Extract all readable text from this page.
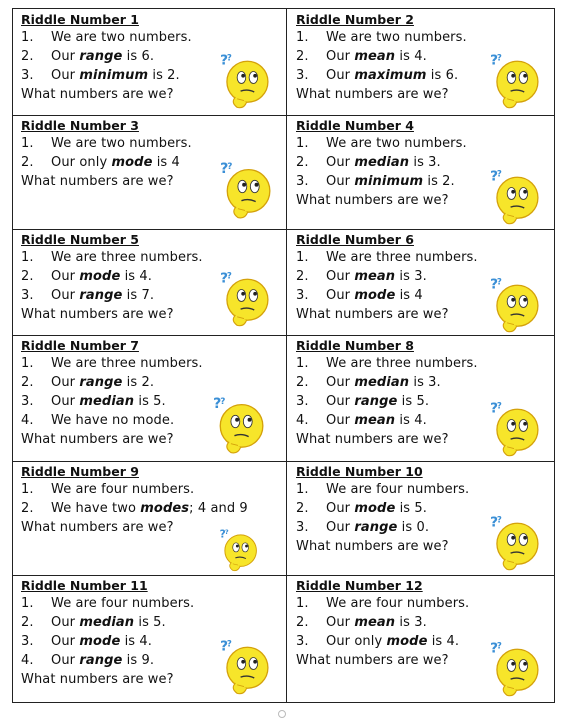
Riddle Number 1
1. We are two numbers.
2. Our range is 6.
3. Our minimum is 2.
What numbers are we?
?
?
Riddle Number 2
1. We are two numbers.
2. Our mean is 4.
3. Our maximum is 6.
What numbers are we?
?
?
Riddle Number 3
1. We are two numbers.
2. Our only mode is 4
What numbers are we?
?
?
Riddle Number 4
1. We are two numbers.
2. Our median is 3.
3. Our minimum is 2.
What numbers are we?
?
?
Riddle Number 5
1. We are three numbers.
2. Our mode is 4.
3. Our range is 7.
What numbers are we?
?
?
Riddle Number 6
1. We are three numbers.
2. Our mean is 3.
3. Our mode is 4
What numbers are we?
?
?
Riddle Number 7
1. We are three numbers.
2. Our range is 2.
3. Our median is 5.
4. We have no mode.
What numbers are we?
?
?
Riddle Number 8
1. We are three numbers.
2. Our median is 3.
3. Our range is 5.
4. Our mean is 4.
What numbers are we?
?
?
Riddle Number 9
1. We are four numbers.
2. We have two modes; 4 and 9
What numbers are we?	? ?
Riddle Number 10
1. We are four numbers.
2. Our mode is 5.
3. Our range is 0.
What numbers are we?
?
?
Riddle Number 11
1. We are four numbers.
2. Our median is 5.
3. Our mode is 4.
4. Our range is 9.
What numbers are we?
?
?
Riddle Number 12
1. We are four numbers.
2. Our mean is 3.
3. Our only mode is 4.
What numbers are we?
?
?
